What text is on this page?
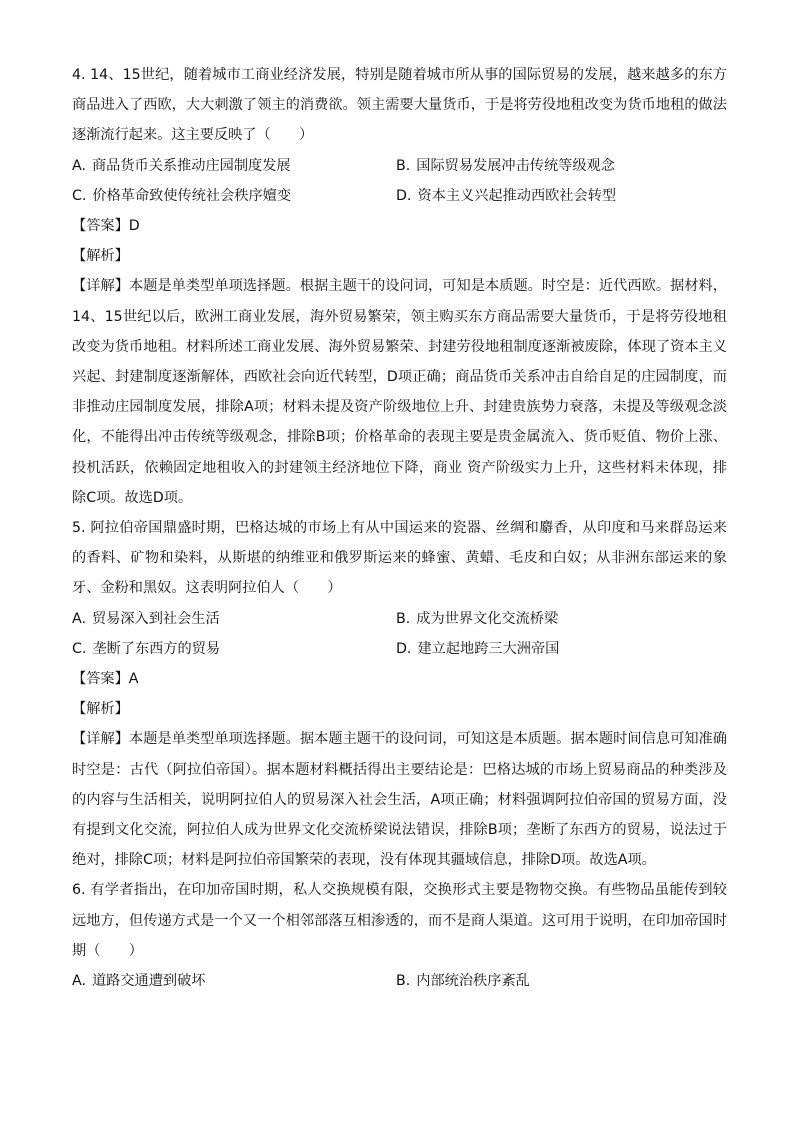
4. 14、15世纪，随着城市工商业经济发展，特别是随着城市所从事的国际贸易的发展，越来越多的东方商品进入了西欧，大大刺激了领主的消费欲。领主需要大量货币，于是将劳役地租改变为货币地租的做法逐渐流行起来。这主要反映了（　　）
A. 商品货币关系推动庄园制度发展	B. 国际贸易发展冲击传统等级观念
C. 价格革命致使传统社会秩序嬗变	D. 资本主义兴起推动西欧社会转型
【答案】D
【解析】
【详解】本题是单类型单项选择题。根据主题干的设问词，可知是本质题。时空是：近代西欧。据材料，14、15世纪以后，欧洲工商业发展，海外贸易繁荣，领主购买东方商品需要大量货币，于是将劳役地租改变为货币地租。材料所述工商业发展、海外贸易繁荣、封建劳役地租制度逐渐被废除，体现了资本主义兴起、封建制度逐渐解体，西欧社会向近代转型，D项正确；商品货币关系冲击自给自足的庄园制度，而非推动庄园制度发展，排除A项；材料未提及资产阶级地位上升、封建贵族势力衰落，未提及等级观念淡化，不能得出冲击传统等级观念，排除B项；价格革命的表现主要是贵金属流入、货币贬值、物价上涨、投机活跃，依赖固定地租收入的封建领主经济地位下降，商业 资产阶级实力上升，这些材料未体现，排除C项。故选D项。
5. 阿拉伯帝国鼎盛时期，巴格达城的市场上有从中国运来的瓷器、丝绸和麝香，从印度和马来群岛运来的香料、矿物和染料，从斯堪的纳维亚和俄罗斯运来的蜂蜜、黄蜡、毛皮和白奴；从非洲东部运来的象牙、金粉和黑奴。这表明阿拉伯人（　　）
A. 贸易深入到社会生活	B. 成为世界文化交流桥梁
C. 垄断了东西方的贸易	D. 建立起地跨三大洲帝国
【答案】A
【解析】
【详解】本题是单类型单项选择题。据本题主题干的设问词，可知这是本质题。据本题时间信息可知准确时空是：古代（阿拉伯帝国）。据本题材料概括得出主要结论是：巴格达城的市场上贸易商品的种类涉及的内容与生活相关，说明阿拉伯人的贸易深入社会生活，A项正确；材料强调阿拉伯帝国的贸易方面，没有提到文化交流，阿拉伯人成为世界文化交流桥梁说法错误，排除B项；垄断了东西方的贸易，说法过于绝对，排除C项；材料是阿拉伯帝国繁荣的表现，没有体现其疆域信息，排除D项。故选A项。
6. 有学者指出，在印加帝国时期，私人交换规模有限，交换形式主要是物物交换。有些物品虽能传到较远地方，但传递方式是一个又一个相邻部落互相渗透的，而不是商人渠道。这可用于说明，在印加帝国时期（　　）
A. 道路交通遭到破坏	B. 内部统治秩序紊乱
